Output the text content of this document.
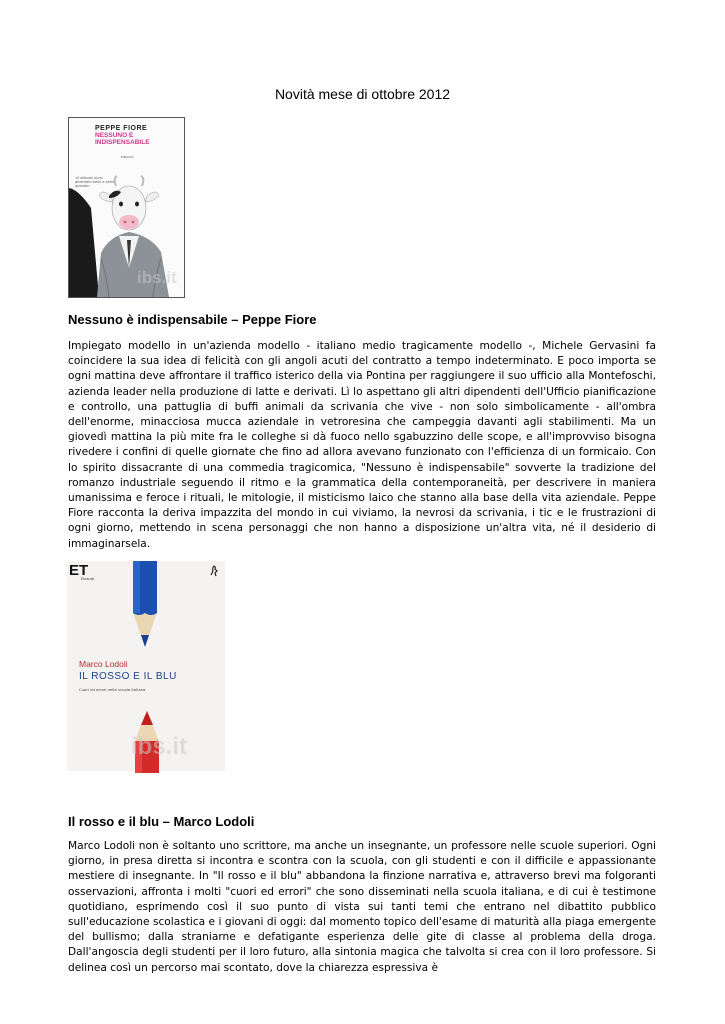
Novità mese di ottobre 2012
PEPPE FIORE
NESSUNO E INDISPENSABILE
EINAUDI
«Il silenzio sono diventato bello e serio quando»
ibs.it
Nessuno è indispensabile – Peppe Fiore

Impiegato modello in un'azienda modello - italiano medio tragicamente modello -, Michele Gervasini fa coincidere la sua idea di felicità con gli angoli acuti del contratto a tempo indeterminato. E poco importa se ogni mattina deve affrontare il traffico isterico della via Pontina per raggiungere il suo ufficio alla Montefoschi, azienda leader nella produzione di latte e derivati. Lì lo aspettano gli altri dipendenti dell'Ufficio pianificazione e controllo, una pattuglia di buffi animali da scrivania che vive - non solo simbolicamente - all'ombra dell'enorme, minacciosa mucca aziendale in vetroresina che campeggia davanti agli stabilimenti. Ma un giovedì mattina la più mite fra le colleghe si dà fuoco nello sgabuzzino delle scope, e all'improvviso bisogna rivedere i confini di quelle giornate che fino ad allora avevano funzionato con l'efficienza di un formicaio. Con lo spirito dissacrante di una commedia tragicomica, "Nessuno è indispensabile" sovverte la tradizione del romanzo industriale seguendo il ritmo e la grammatica della contemporaneità, per descrivere in maniera umanissima e feroce i rituali, le mitologie, il misticismo laico che stanno alla base della vita aziendale. Peppe Fiore racconta la deriva impazzita del mondo in cui viviamo, la nevrosi da scrivania, i tic e le frustrazioni di ogni giorno, mettendo in scena personaggi che non hanno a disposizione un'altra vita, né il desiderio di immaginarsela.

ET
Einaudi
Marco Lodoli
IL ROSSO E IL BLU
Cuori ed errori nella scuola italiana
ibs.it
Il rosso e il blu – Marco Lodoli

Marco Lodoli non è soltanto uno scrittore, ma anche un insegnante, un professore nelle scuole superiori. Ogni giorno, in presa diretta si incontra e scontra con la scuola, con gli studenti e con il difficile e appassionante mestiere di insegnante. In "Il rosso e il blu" abbandona la finzione narrativa e, attraverso brevi ma folgoranti osservazioni, affronta i molti "cuori ed errori" che sono disseminati nella scuola italiana, e di cui è testimone quotidiano, esprimendo così il suo punto di vista sui tanti temi che entrano nel dibattito pubblico sull'educazione scolastica e i giovani di oggi: dal momento topico dell'esame di maturità alla piaga emergente del bullismo; dalla straniarne e defatigante esperienza delle gite di classe al problema della droga. Dall'angoscia degli studenti per il loro futuro, alla sintonia magica che talvolta si crea con il loro professore. Si delinea così un percorso mai scontato, dove la chiarezza espressiva è
